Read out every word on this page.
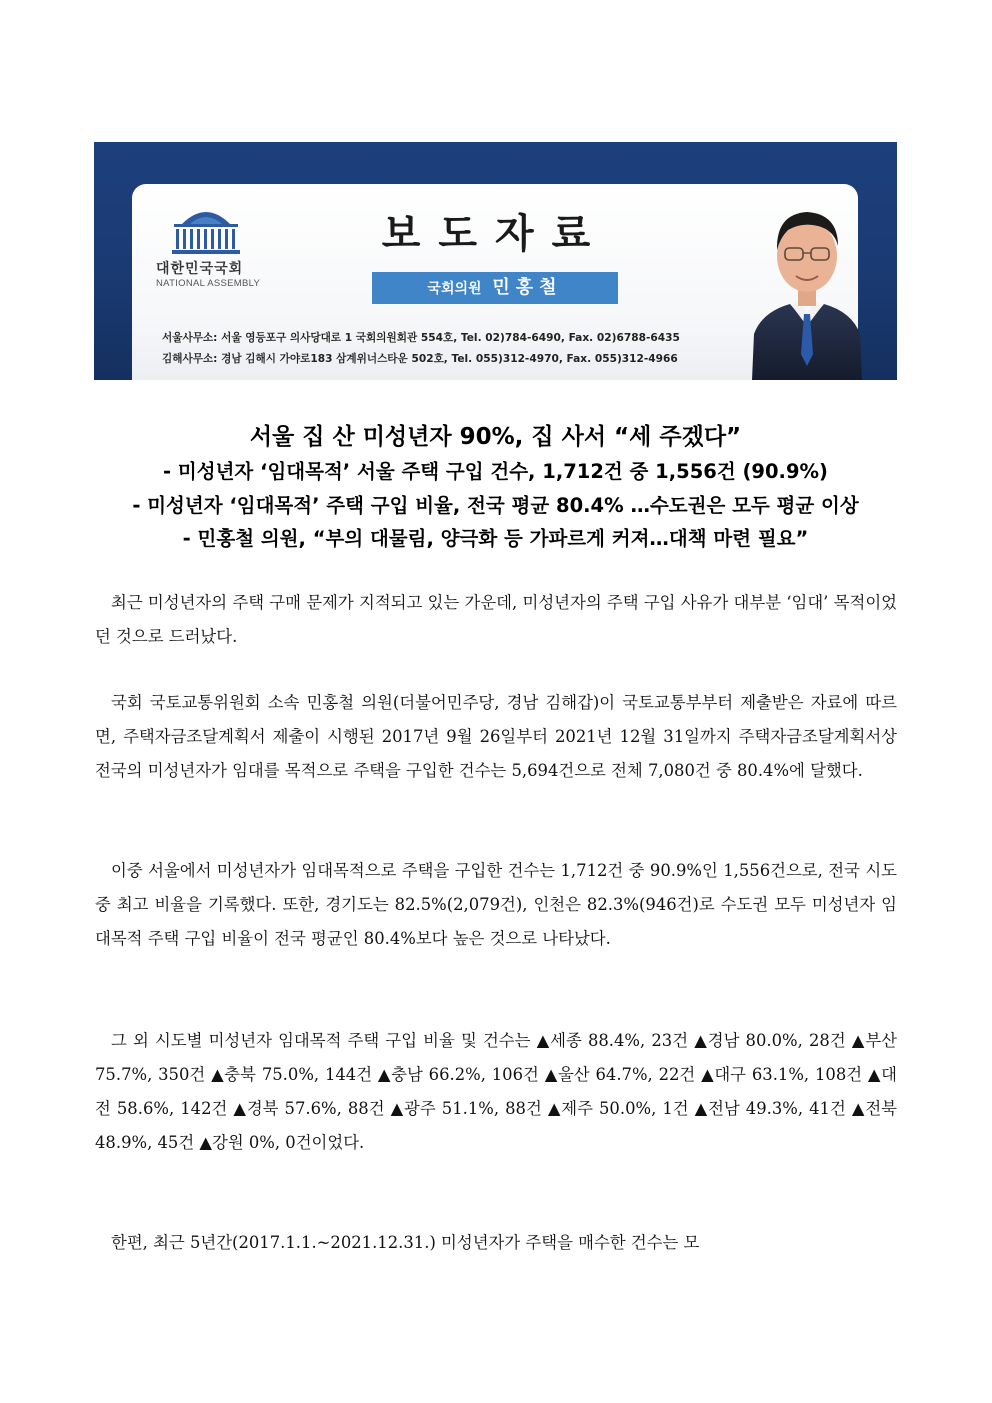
대한민국국회
NATIONAL ASSEMBLY
보도자료
국회의원 민홍철
서울사무소: 서울 영등포구 의사당대로 1 국회의원회관 554호, Tel. 02)784-6490, Fax. 02)6788-6435
김해사무소: 경남 김해시 가야로183 삼계위너스타운 502호, Tel. 055)312-4970, Fax. 055)312-4966
서울 집 산 미성년자 90%, 집 사서 “세 주겠다”
- 미성년자 ‘임대목적’ 서울 주택 구입 건수, 1,712건 중 1,556건 (90.9%)
- 미성년자 ‘임대목적’ 주택 구입 비율, 전국 평균 80.4% …수도권은 모두 평균 이상
- 민홍철 의원, “부의 대물림, 양극화 등 가파르게 커져…대책 마련 필요”

최근 미성년자의 주택 구매 문제가 지적되고 있는 가운데, 미성년자의 주택 구입 사유가 대부분 ‘임대’ 목적이었던 것으로 드러났다.

국회 국토교통위원회 소속 민홍철 의원(더불어민주당, 경남 김해갑)이 국토교통부부터 제출받은 자료에 따르면, 주택자금조달계획서 제출이 시행된 2017년 9월 26일부터 2021년 12월 31일까지 주택자금조달계획서상 전국의 미성년자가 임대를 목적으로 주택을 구입한 건수는 5,694건으로 전체 7,080건 중 80.4%에 달했다.

이중 서울에서 미성년자가 임대목적으로 주택을 구입한 건수는 1,712건 중 90.9%인 1,556건으로, 전국 시도 중 최고 비율을 기록했다. 또한, 경기도는 82.5%(2,079건), 인천은 82.3%(946건)로 수도권 모두 미성년자 임대목적 주택 구입 비율이 전국 평균인 80.4%보다 높은 것으로 나타났다.

그 외 시도별 미성년자 임대목적 주택 구입 비율 및 건수는 ▲세종 88.4%, 23건 ▲경남 80.0%, 28건 ▲부산 75.7%, 350건 ▲충북 75.0%, 144건 ▲충남 66.2%, 106건 ▲울산 64.7%, 22건 ▲대구 63.1%, 108건 ▲대전 58.6%, 142건 ▲경북 57.6%, 88건 ▲광주 51.1%, 88건 ▲제주 50.0%, 1건 ▲전남 49.3%, 41건 ▲전북 48.9%, 45건 ▲강원 0%, 0건이었다.

한편, 최근 5년간(2017.1.1.~2021.12.31.) 미성년자가 주택을 매수한 건수는 모
